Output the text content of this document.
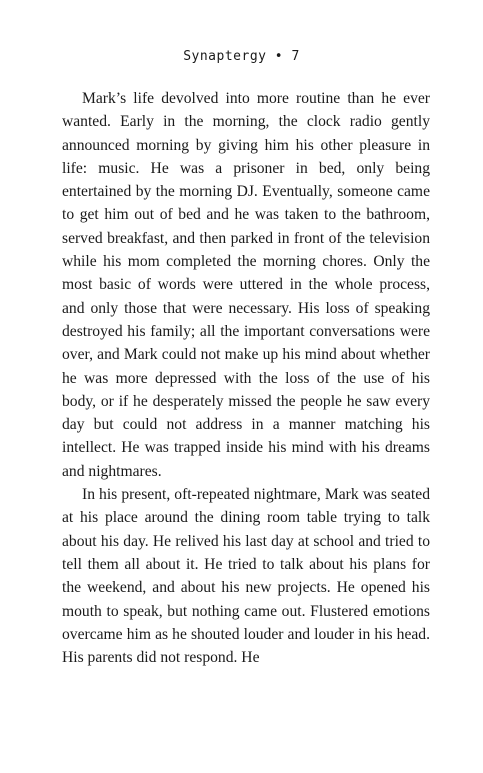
Synaptergy • 7

Mark’s life devolved into more routine than he ever wanted. Early in the morning, the clock radio gently announced morning by giving him his other pleasure in life: music. He was a prisoner in bed, only being entertained by the morning DJ. Eventually, someone came to get him out of bed and he was taken to the bathroom, served breakfast, and then parked in front of the television while his mom completed the morning chores. Only the most basic of words were uttered in the whole process, and only those that were necessary. His loss of speaking destroyed his family; all the important conversations were over, and Mark could not make up his mind about whether he was more depressed with the loss of the use of his body, or if he desperately missed the people he saw every day but could not address in a manner matching his intellect. He was trapped inside his mind with his dreams and nightmares.

In his present, oft-repeated nightmare, Mark was seated at his place around the dining room table trying to talk about his day. He relived his last day at school and tried to tell them all about it. He tried to talk about his plans for the weekend, and about his new projects. He opened his mouth to speak, but nothing came out. Flustered emotions overcame him as he shouted louder and louder in his head. His parents did not respond. He
